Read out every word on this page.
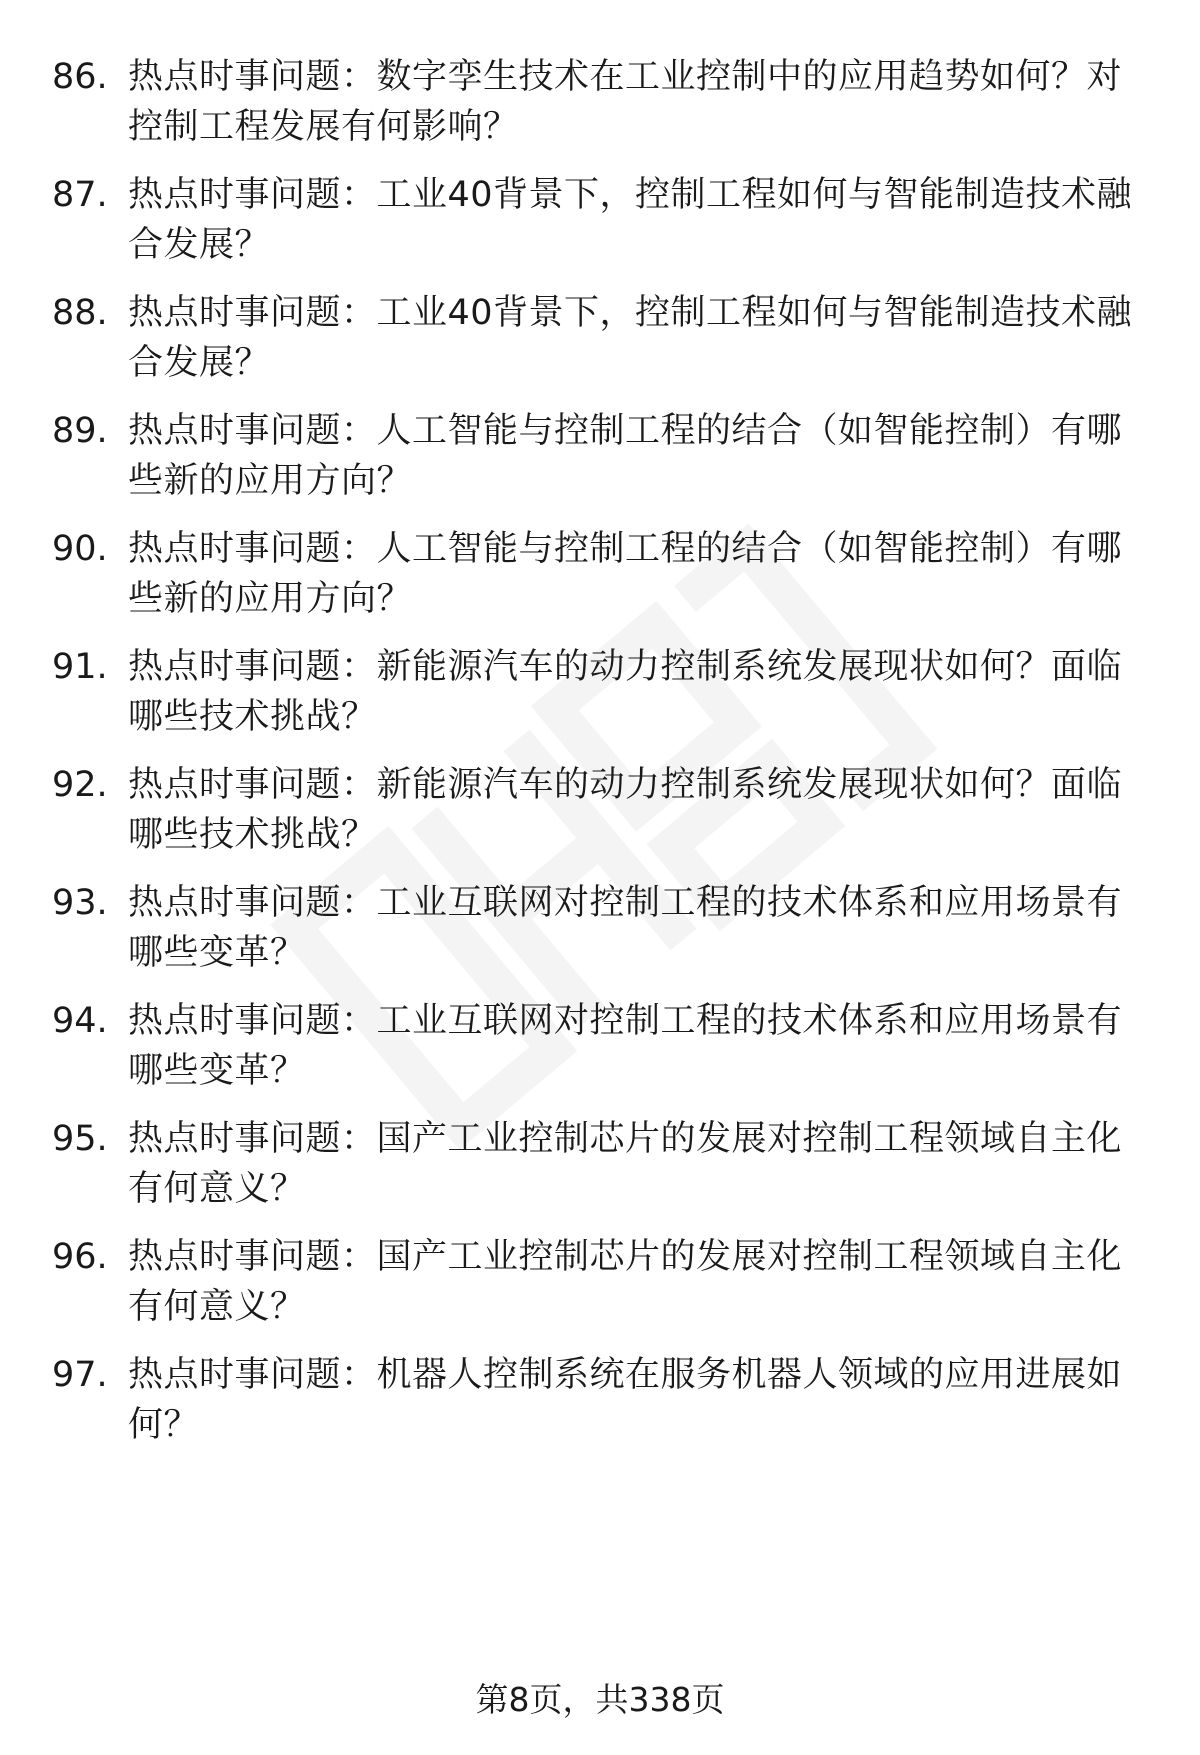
86. 热点时事问题：数字孪生技术在工业控制中的应用趋势如何？对控制工程发展有何影响？
87. 热点时事问题：工业40背景下，控制工程如何与智能制造技术融合发展？
88. 热点时事问题：工业40背景下，控制工程如何与智能制造技术融合发展？
89. 热点时事问题：人工智能与控制工程的结合（如智能控制）有哪些新的应用方向？
90. 热点时事问题：人工智能与控制工程的结合（如智能控制）有哪些新的应用方向？
91. 热点时事问题：新能源汽车的动力控制系统发展现状如何？面临哪些技术挑战？
92. 热点时事问题：新能源汽车的动力控制系统发展现状如何？面临哪些技术挑战？
93. 热点时事问题：工业互联网对控制工程的技术体系和应用场景有哪些变革？
94. 热点时事问题：工业互联网对控制工程的技术体系和应用场景有哪些变革？
95. 热点时事问题：国产工业控制芯片的发展对控制工程领域自主化有何意义？
96. 热点时事问题：国产工业控制芯片的发展对控制工程领域自主化有何意义？
97. 热点时事问题：机器人控制系统在服务机器人领域的应用进展如何？
第8页，共338页
